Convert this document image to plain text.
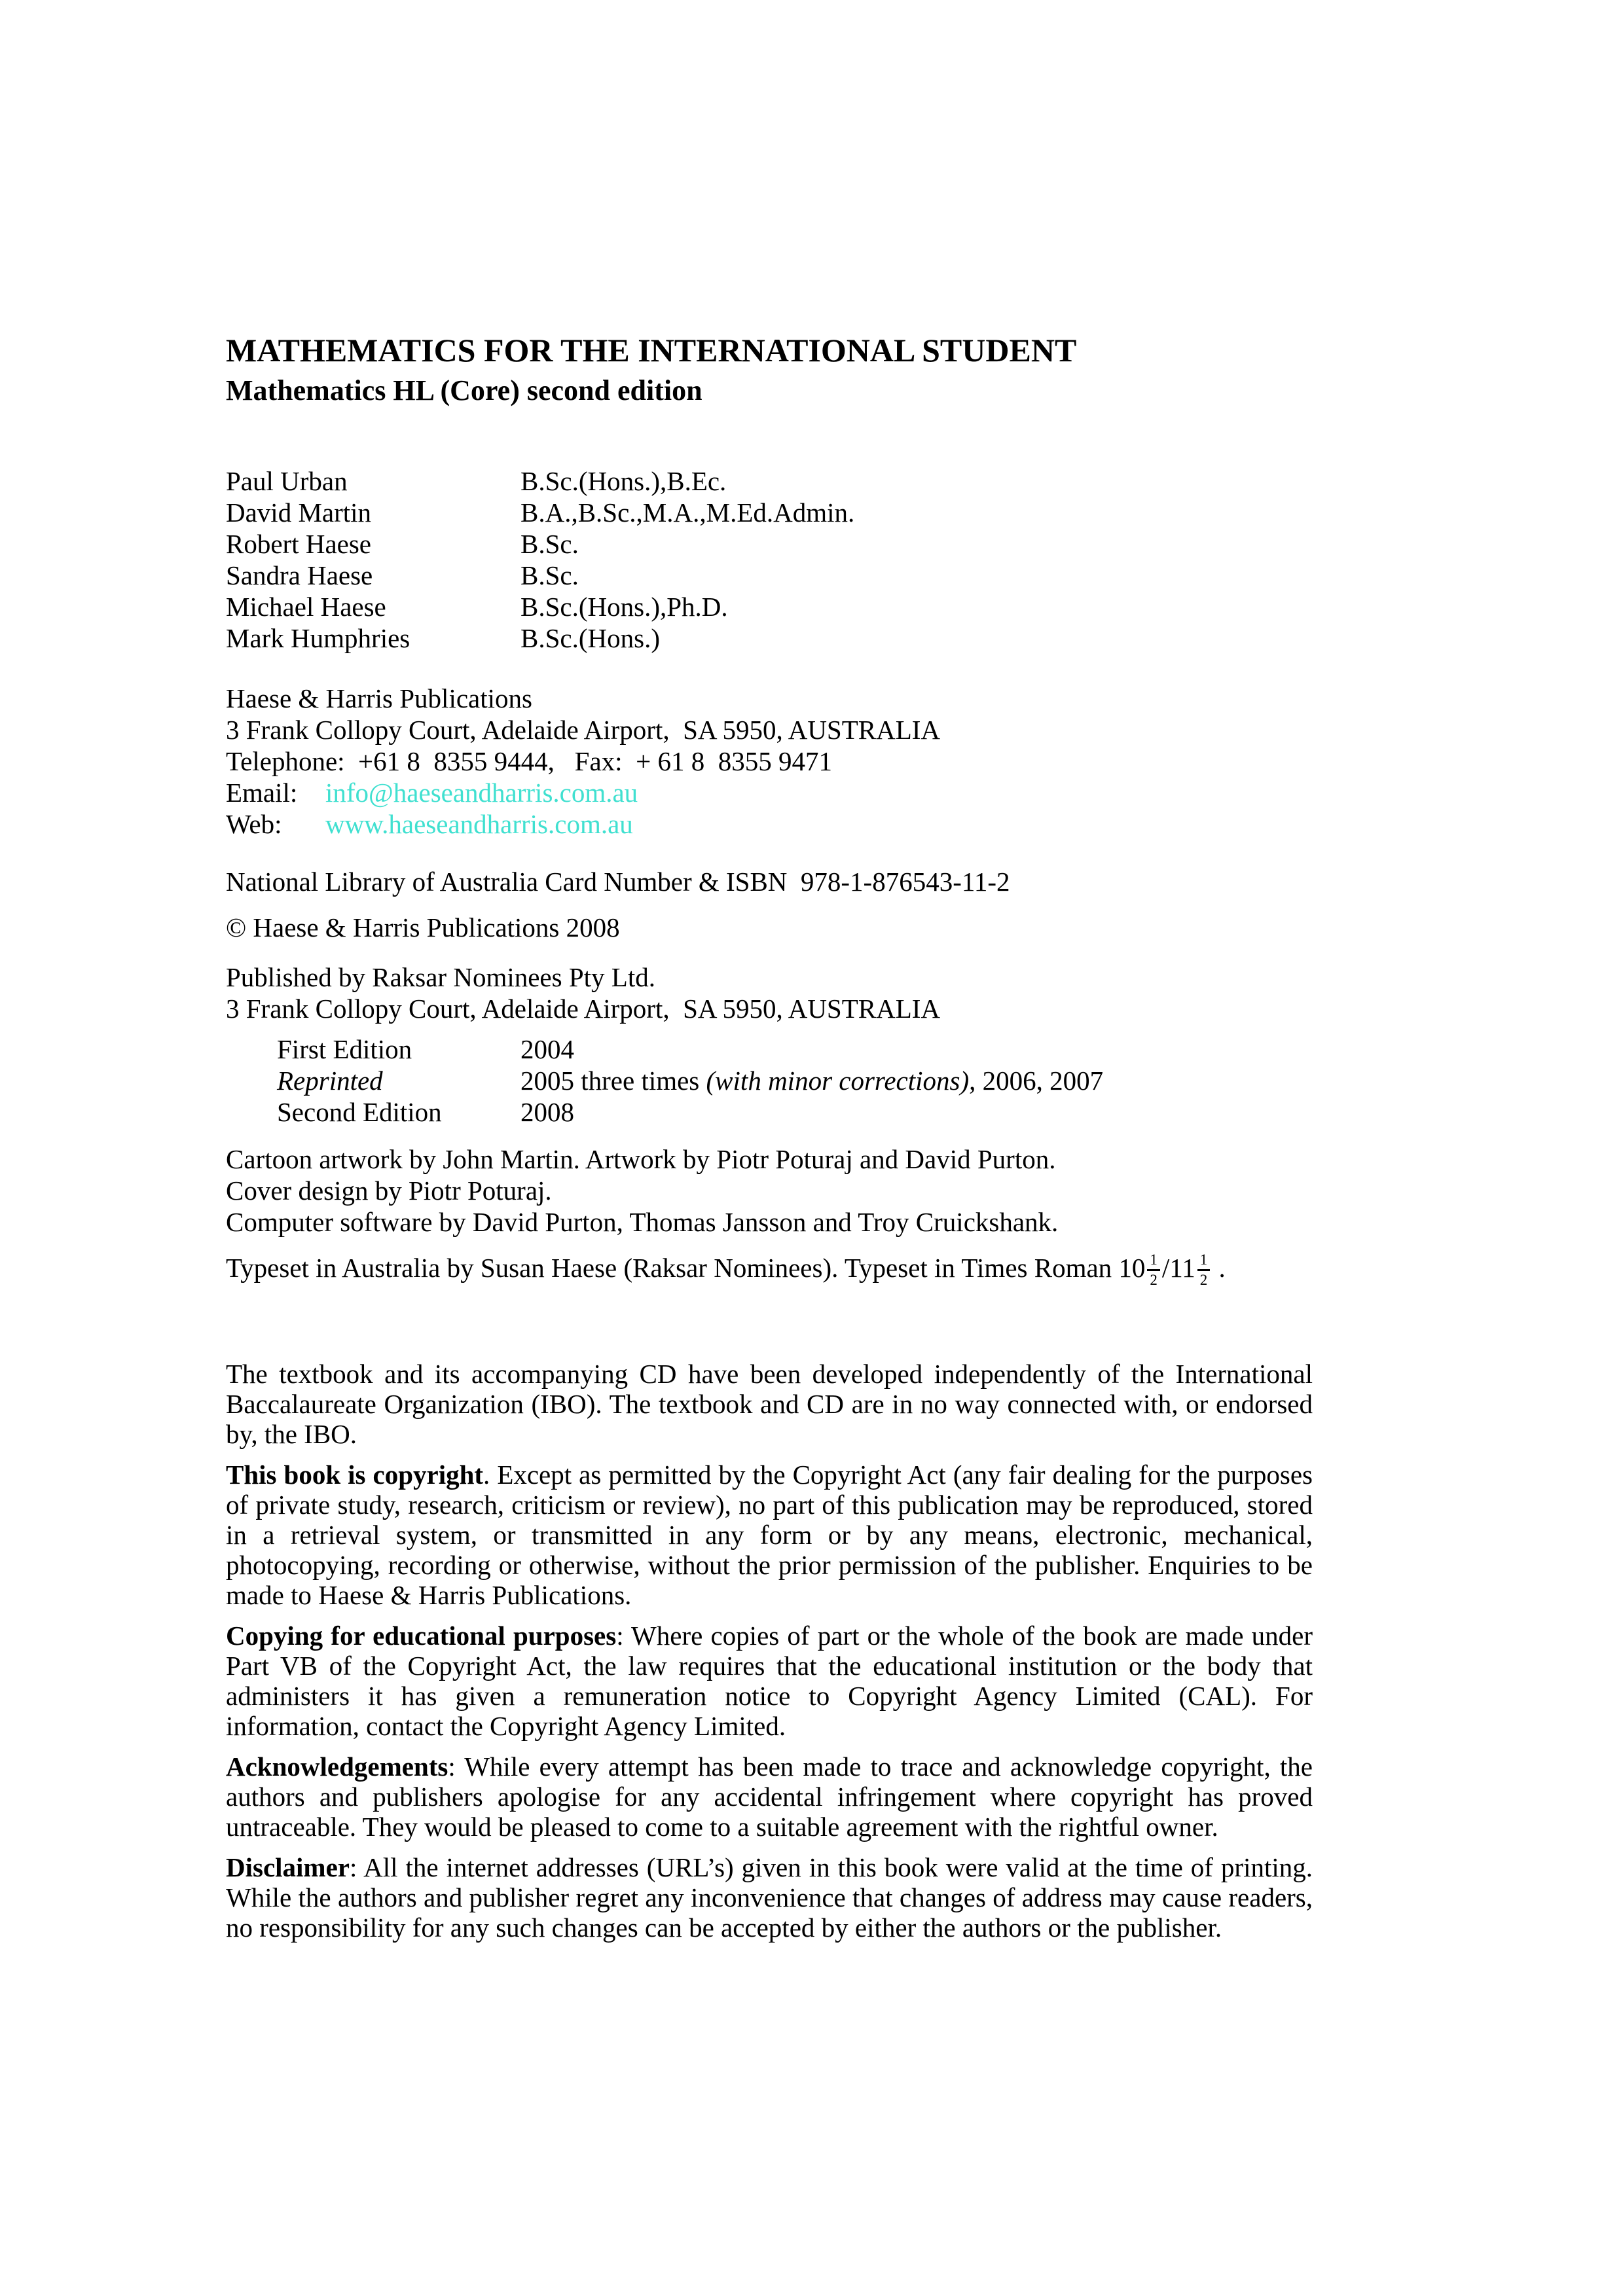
MATHEMATICS FOR THE INTERNATIONAL STUDENT
Mathematics HL (Core) second edition
Paul Urban	B.Sc.(Hons.),B.Ec.
David Martin	B.A.,B.Sc.,M.A.,M.Ed.Admin.
Robert Haese	B.Sc.
Sandra Haese	B.Sc.
Michael Haese	B.Sc.(Hons.),Ph.D.
Mark Humphries	B.Sc.(Hons.)
Haese & Harris Publications
3 Frank Collopy Court, Adelaide Airport,  SA 5950, AUSTRALIA
Telephone:  +61 8  8355 9444,   Fax:  + 61 8  8355 9471
Email:	info@haeseandharris.com.au
Web:	www.haeseandharris.com.au
National Library of Australia Card Number & ISBN  978-1-876543-11-2
© Haese & Harris Publications 2008
Published by Raksar Nominees Pty Ltd.
3 Frank Collopy Court, Adelaide Airport,  SA 5950, AUSTRALIA
First Edition	2004
Reprinted	2005 three times (with minor corrections), 2006, 2007
Second Edition	2008
Cartoon artwork by John Martin. Artwork by Piotr Poturaj and David Purton.
Cover design by Piotr Poturaj.
Computer software by David Purton, Thomas Jansson and Troy Cruickshank.

Typeset in Australia by Susan Haese (Raksar Nominees). Typeset in Times Roman $10 \frac{1}{2} /11 \frac{1}{2}$ .

The textbook and its accompanying CD have been developed independently of the International Baccalaureate Organization (IBO). The textbook and CD are in no way connected with, or endorsed by, the IBO.

This book is copyright. Except as permitted by the Copyright Act (any fair dealing for the purposes of private study, research, criticism or review), no part of this publication may be reproduced, stored in a retrieval system, or transmitted in any form or by any means, electronic, mechanical, photocopying, recording or otherwise, without the prior permission of the publisher. Enquiries to be made to Haese & Harris Publications.

Copying for educational purposes: Where copies of part or the whole of the book are made under Part VB of the Copyright Act, the law requires that the educational institution or the body that administers it has given a remuneration notice to Copyright Agency Limited (CAL). For information, contact the Copyright Agency Limited.

Acknowledgements: While every attempt has been made to trace and acknowledge copyright, the authors and publishers apologise for any accidental infringement where copyright has proved untraceable. They would be pleased to come to a suitable agreement with the rightful owner.

Disclaimer: All the internet addresses (URL’s) given in this book were valid at the time of printing. While the authors and publisher regret any inconvenience that changes of address may cause readers, no responsibility for any such changes can be accepted by either the authors or the publisher.
